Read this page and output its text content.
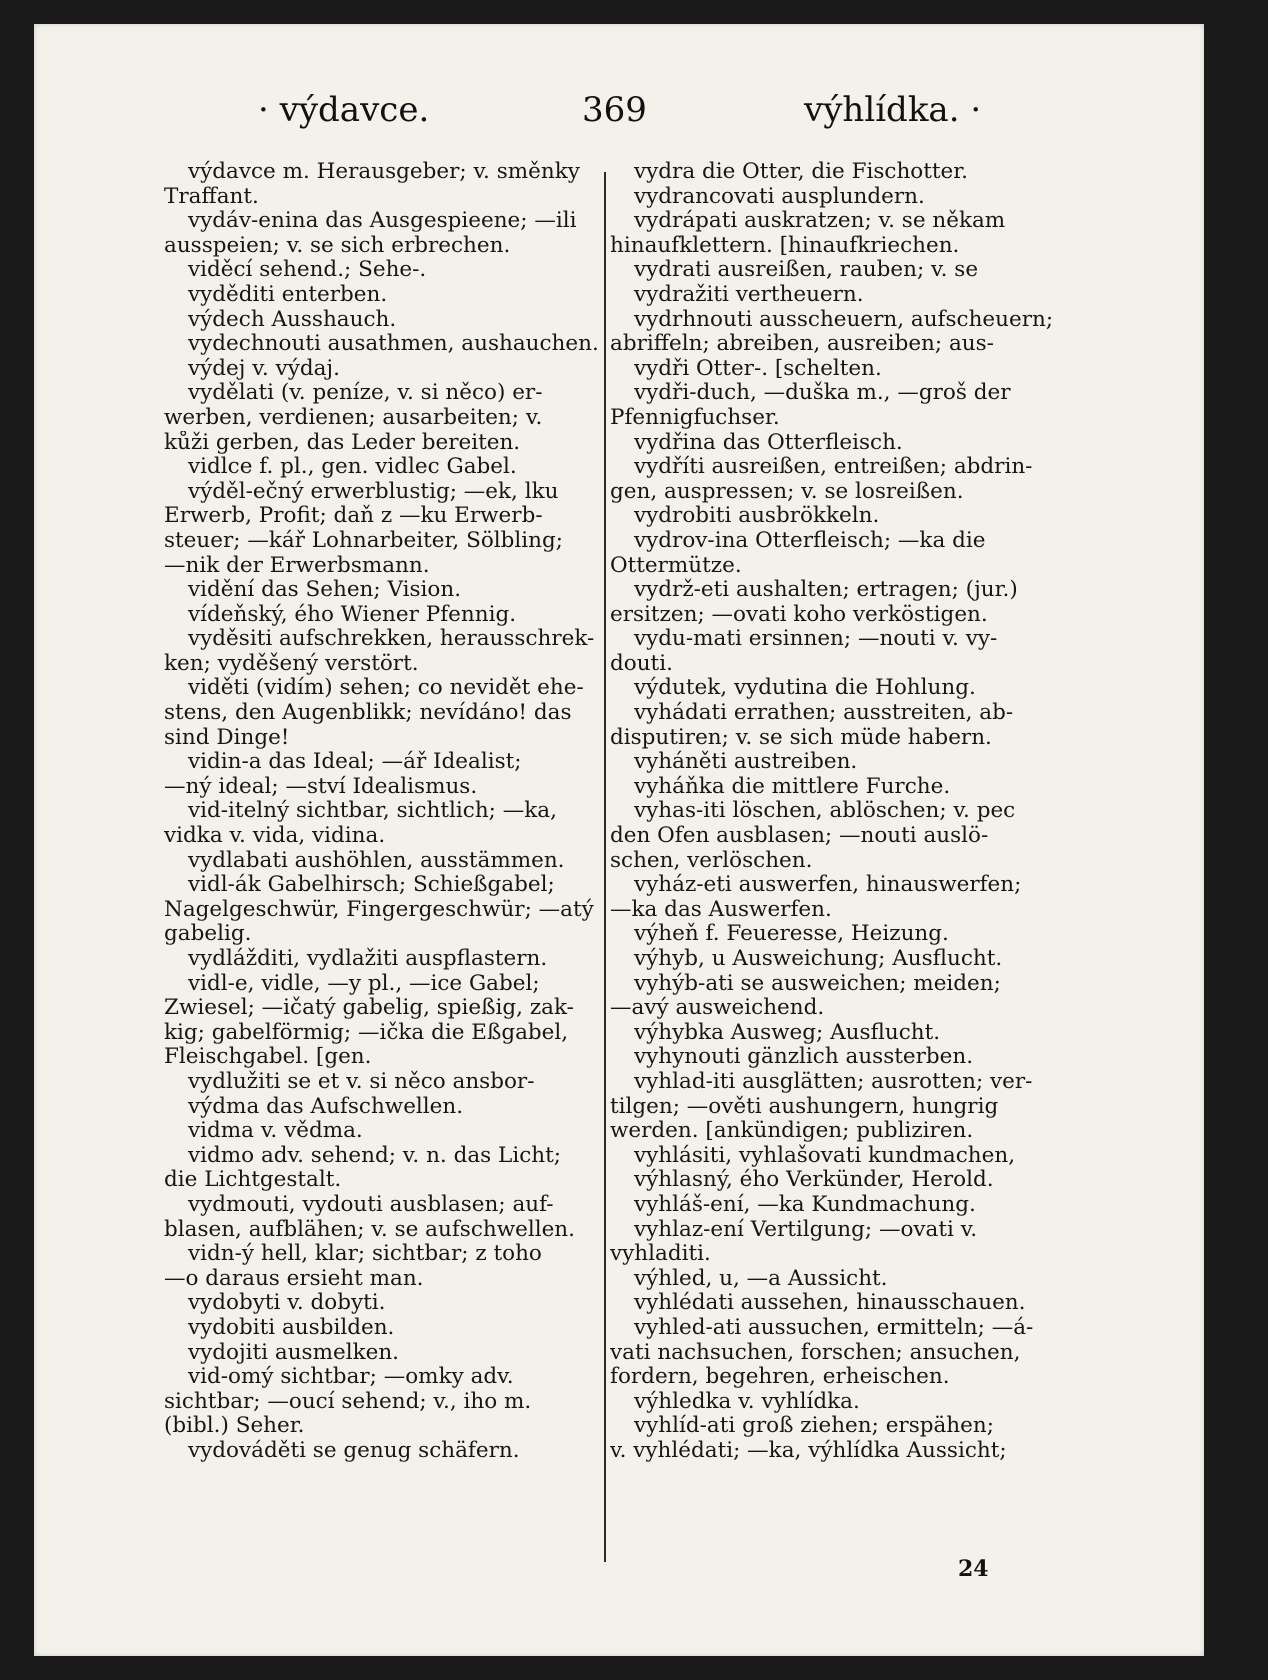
· výdavce.	369	výhlídka. ·
výdavce m. Herausgeber; v. směnky
Traffant.
vydáv-enina das Ausgespieene; —ili
ausspeien; v. se sich erbrechen.
viděcí sehend.; Sehe-.
vyděditi enterben.
výdech Ausshauch.
vydechnouti ausathmen, aushauchen.
výdej v. výdaj.
vydělati (v. peníze, v. si něco) er-
werben, verdienen; ausarbeiten; v.
kůži gerben, das Leder bereiten.
vidlce f. pl., gen. vidlec Gabel.
výděl-ečný erwerblustig; —ek, lku
Erwerb, Profit; daň z —ku Erwerb-
steuer; —kář Lohnarbeiter, Sölbling;
—nik der Erwerbsmann.
vidění das Sehen; Vision.
vídeňský, ého Wiener Pfennig.
vyděsiti aufschrekken, herausschrek-
ken; vyděšený verstört.
viděti (vidím) sehen; co nevidět ehe-
stens, den Augenblikk; nevídáno! das
sind Dinge!
vidin-a das Ideal; —ář Idealist;
—ný ideal; —ství Idealismus.
vid-itelný sichtbar, sichtlich; —ka,
vidka v. vida, vidina.
vydlabati aushöhlen, ausstämmen.
vidl-ák Gabelhirsch; Schießgabel;
Nagelgeschwür, Fingergeschwür; —atý
gabelig.
vydlážditi, vydlažiti auspflastern.
vidl-e, vidle, —y pl., —ice Gabel;
Zwiesel; —ičatý gabelig, spießig, zak-
kig; gabelförmig; —ička die Eßgabel,
Fleischgabel. [gen.
vydlužiti se et v. si něco ansbor-
výdma das Aufschwellen.
vidma v. vědma.
vidmo adv. sehend; v. n. das Licht;
die Lichtgestalt.
vydmouti, vydouti ausblasen; auf-
blasen, aufblähen; v. se aufschwellen.
vidn-ý hell, klar; sichtbar; z toho
—o daraus ersieht man.
vydobyti v. dobyti.
vydobiti ausbilden.
vydojiti ausmelken.
vid-omý sichtbar; —omky adv.
sichtbar; —oucí sehend; v., iho m.
(bibl.) Seher.
vydováděti se genug schäfern.
vydra die Otter, die Fischotter.
vydrancovati ausplundern.
vydrápati auskratzen; v. se někam
hinaufklettern. [hinaufkriechen.
vydrati ausreißen, rauben; v. se
vydražiti vertheuern.
vydrhnouti ausscheuern, aufscheuern;
abriffeln; abreiben, ausreiben; aus-
vydři Otter-. [schelten.
vydři-duch, —duška m., —groš der
Pfennigfuchser.
vydřina das Otterfleisch.
vydříti ausreißen, entreißen; abdrin-
gen, auspressen; v. se losreißen.
vydrobiti ausbrökkeln.
vydrov-ina Otterfleisch; —ka die
Ottermütze.
vydrž-eti aushalten; ertragen; (jur.)
ersitzen; —ovati koho verköstigen.
vydu-mati ersinnen; —nouti v. vy-
douti.
výdutek, vydutina die Hohlung.
vyhádati errathen; ausstreiten, ab-
disputiren; v. se sich müde habern.
vyháněti austreiben.
vyháňka die mittlere Furche.
vyhas-iti löschen, ablöschen; v. pec
den Ofen ausblasen; —nouti auslö-
schen, verlöschen.
vyház-eti auswerfen, hinauswerfen;
—ka das Auswerfen.
výheň f. Feueresse, Heizung.
výhyb, u Ausweichung; Ausflucht.
vyhýb-ati se ausweichen; meiden;
—avý ausweichend.
výhybka Ausweg; Ausflucht.
vyhynouti gänzlich aussterben.
vyhlad-iti ausglätten; ausrotten; ver-
tilgen; —ověti aushungern, hungrig
werden. [ankündigen; publiziren.
vyhlásiti, vyhlašovati kundmachen,
výhlasný, ého Verkünder, Herold.
vyhláš-ení, —ka Kundmachung.
vyhlaz-ení Vertilgung; —ovati v.
vyhladiti.
výhled, u, —a Aussicht.
vyhlédati aussehen, hinausschauen.
vyhled-ati aussuchen, ermitteln; —á-
vati nachsuchen, forschen; ansuchen,
fordern, begehren, erheischen.
výhledka v. vyhlídka.
vyhlíd-ati groß ziehen; erspähen;
v. vyhlédati; —ka, výhlídka Aussicht;
24
